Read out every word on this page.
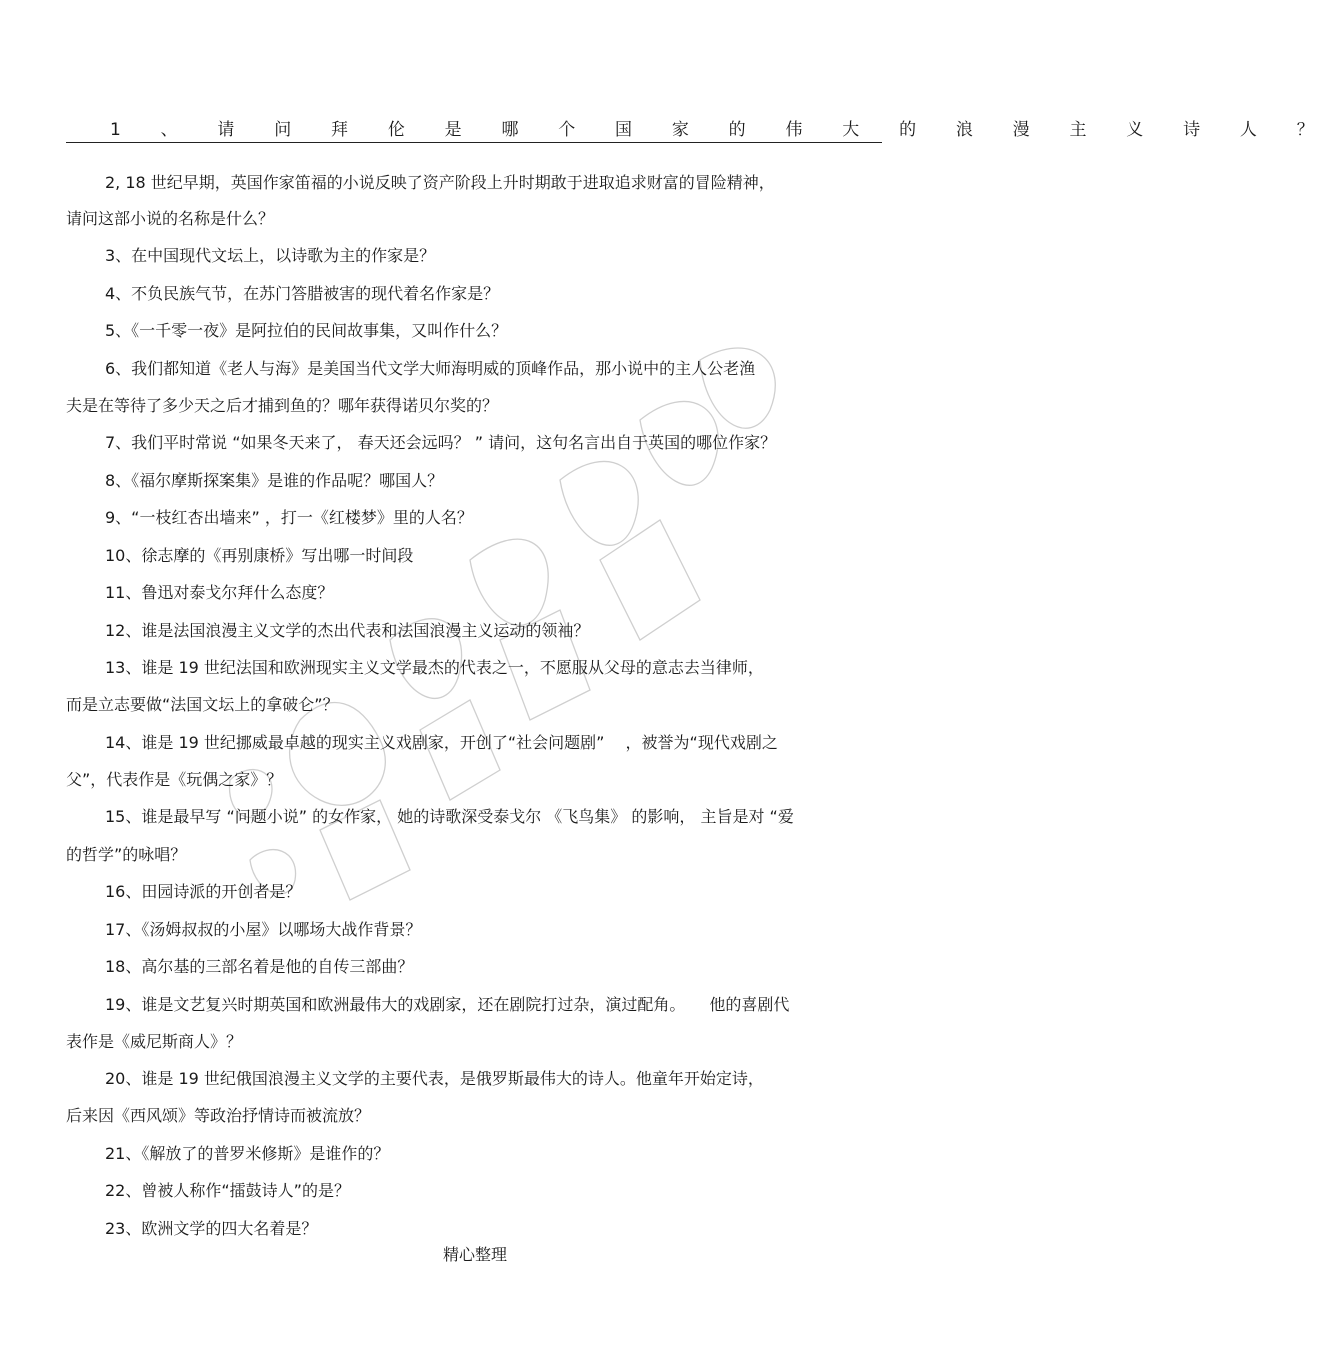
1 、 请 问 拜 伦 是 哪 个 国 家 的 伟 大 的 浪 漫 主 义 诗 人 ？
2, 18 世纪早期，英国作家笛福的小说反映了资产阶段上升时期敢于进取追求财富的冒险精神，
请问这部小说的名称是什么？
3、在中国现代文坛上，以诗歌为主的作家是？
4、不负民族气节，在苏门答腊被害的现代着名作家是？
5、《一千零一夜》是阿拉伯的民间故事集，又叫作什么？
6、我们都知道《老人与海》是美国当代文学大师海明威的顶峰作品，那小说中的主人公老渔
夫是在等待了多少天之后才捕到鱼的？哪年获得诺贝尔奖的？
7、我们平时常说 “如果冬天来了， 春天还会远吗？ ” 请问，这句名言出自于英国的哪位作家？
8、《福尔摩斯探案集》是谁的作品呢？哪国人？
9、“一枝红杏出墙来” ，打一《红楼梦》里的人名？
10、徐志摩的《再别康桥》写出哪一时间段
11、鲁迅对泰戈尔拜什么态度？
12、谁是法国浪漫主义文学的杰出代表和法国浪漫主义运动的领袖？
13、谁是 19 世纪法国和欧洲现实主义文学最杰的代表之一，不愿服从父母的意志去当律师，
而是立志要做“法国文坛上的拿破仑”？
14、谁是 19 世纪挪威最卓越的现实主义戏剧家，开创了“社会问题剧”　 ，被誉为“现代戏剧之
父”，代表作是《玩偶之家》？
15、谁是最早写 “问题小说” 的女作家， 她的诗歌深受泰戈尔 《飞鸟集》 的影响， 主旨是对 “爱
的哲学”的咏唱？
16、田园诗派的开创者是？
17、《汤姆叔叔的小屋》以哪场大战作背景？
18、高尔基的三部名着是他的自传三部曲？
19、谁是文艺复兴时期英国和欧洲最伟大的戏剧家，还在剧院打过杂，演过配角。　　他的喜剧代
表作是《威尼斯商人》？
20、谁是 19 世纪俄国浪漫主义文学的主要代表，是俄罗斯最伟大的诗人。他童年开始定诗，
后来因《西风颂》等政治抒情诗而被流放？
21、《解放了的普罗米修斯》是谁作的？
22、曾被人称作“擂鼓诗人”的是？
23、欧洲文学的四大名着是？
精心整理
